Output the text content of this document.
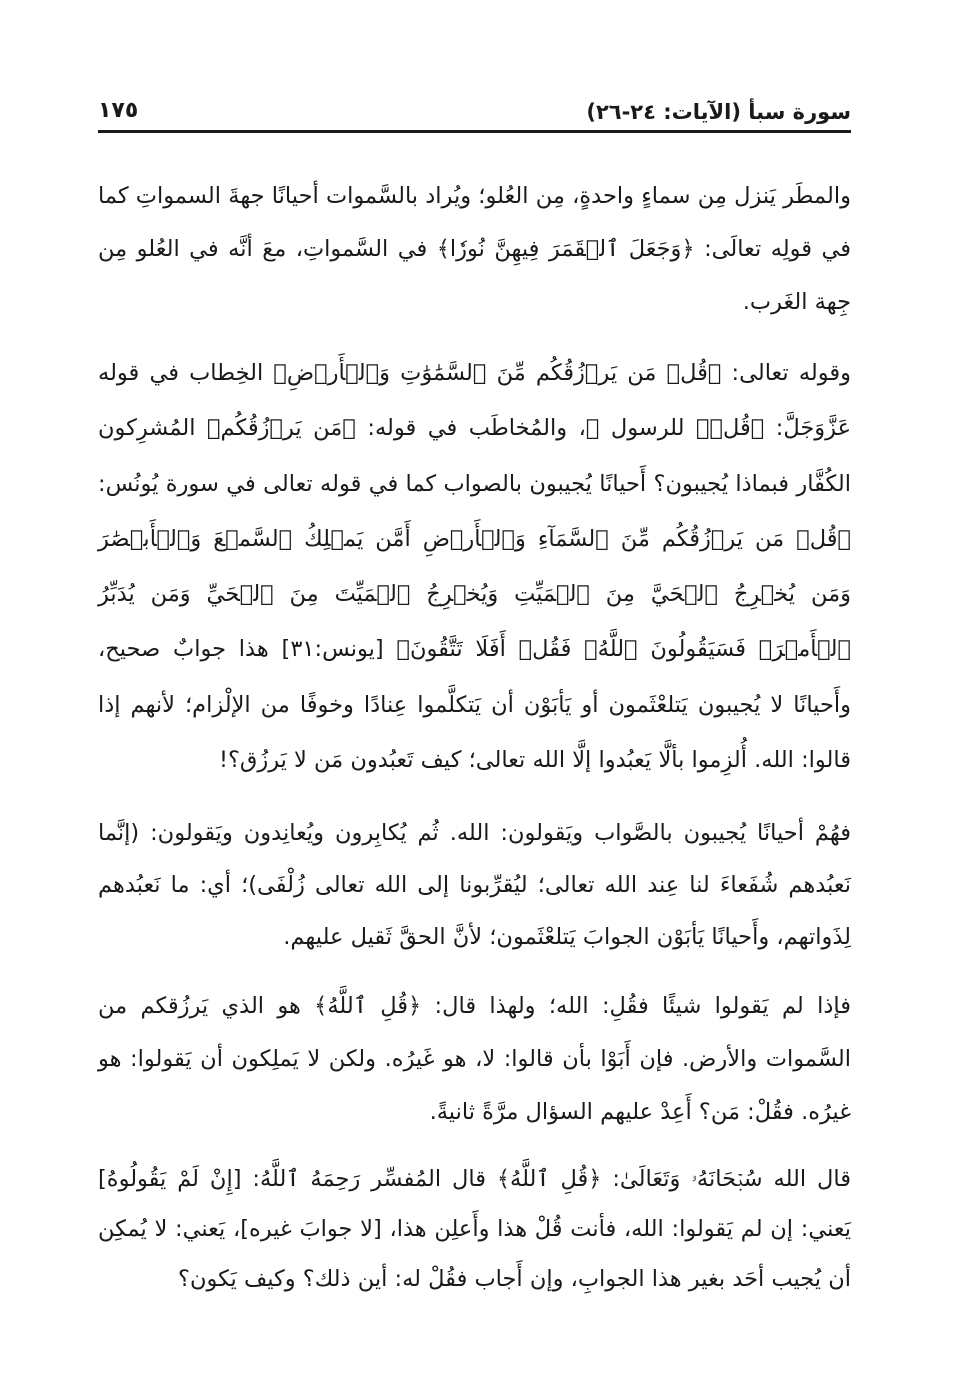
سورة سبأ (الآيات: ٢٤-٢٦)
١٧٥

والمطَر يَنزل مِن سماءٍ واحدةٍ، مِن العُلو؛ ويُراد بالسَّموات أحيانًا جهةَ السمواتِ كما في قولِه تعالَى: ﴿وَجَعَلَ ٱلۡقَمَرَ فِيهِنَّ نُورٗا﴾ في السَّمواتِ، معَ أنَّه في العُلو مِن جِهة الغَرب.

وقوله تعالى: ﴿قُلۡ مَن يَرۡزُقُكُم مِّنَ ٱلسَّمَٰوَٰتِ وَٱلۡأَرۡضِ﴾ الخِطاب في قوله عَزَّوَجَلَّ: ﴿قُلۡ﴾ للرسول ﷺ، والمُخاطَب في قوله: ﴿مَن يَرۡزُقُكُم﴾ المُشرِكون الكُفَّار فبماذا يُجيبون؟ أَحيانًا يُجيبون بالصواب كما في قوله تعالى في سورة يُونُس: ﴿قُلۡ مَن يَرۡزُقُكُم مِّنَ ٱلسَّمَآءِ وَٱلۡأَرۡضِ أَمَّن يَمۡلِكُ ٱلسَّمۡعَ وَٱلۡأَبۡصَٰرَ وَمَن يُخۡرِجُ ٱلۡحَيَّ مِنَ ٱلۡمَيِّتِ وَيُخۡرِجُ ٱلۡمَيِّتَ مِنَ ٱلۡحَيِّ وَمَن يُدَبِّرُ ٱلۡأَمۡرَۚ فَسَيَقُولُونَ ٱللَّهُۚ فَقُلۡ أَفَلَا تَتَّقُونَ﴾ [يونس:٣١] هذا جوابٌ صحيح، وأَحيانًا لا يُجيبون يَتلعْثَمون أو يَأبَوْن أن يَتكلَّموا عِنادًا وخوفًا من الإلْزام؛ لأنهم إذا قالوا: الله. أُلزِموا بألَّا يَعبُدوا إلَّا الله تعالى؛ كيف تَعبُدون مَن لا يَرزُق؟!

فهُمْ أحيانًا يُجيبون بالصَّواب ويَقولون: الله. ثُم يُكابِرون ويُعانِدون ويَقولون: (إنَّما نَعبُدهم شُفَعاءَ لنا عِند الله تعالى؛ ليُقرِّبونا إلى الله تعالى زُلْفَى)؛ أي: ما نَعبُدهم لِذَواتهم، وأَحيانًا يَأبَوْن الجوابَ يَتلعْثَمون؛ لأنَّ الحقَّ ثَقيل عليهم.

فإذا لم يَقولوا شيئًا فقُلِ: الله؛ ولهذا قال: ﴿قُلِ ٱللَّهُ﴾ هو الذي يَرزُقكم من السَّموات والأرض. فإن أَبَوْا بأن قالوا: لا، هو غَيرُه. ولكن لا يَملِكون أن يَقولوا: هو غيرُه. فقُلْ: مَن؟ أَعِدْ عليهم السؤال مرَّةً ثانيةً.

قال الله سُبۡحَانَهُۥ وَتَعَالَىٰ: ﴿قُلِ ٱللَّهُ﴾ قال المُفسِّر رَحِمَهُ ٱللَّهُ: [إِنْ لَمْ يَقُولُوهُ] يَعني: إن لم يَقولوا: الله، فأنت قُلْ هذا وأَعلِن هذا، [لا جوابَ غيره]، يَعني: لا يُمكِن أن يُجيب أحَد بغير هذا الجوابِ، وإن أَجاب فقُلْ له: أين ذلك؟ وكيف يَكون؟
